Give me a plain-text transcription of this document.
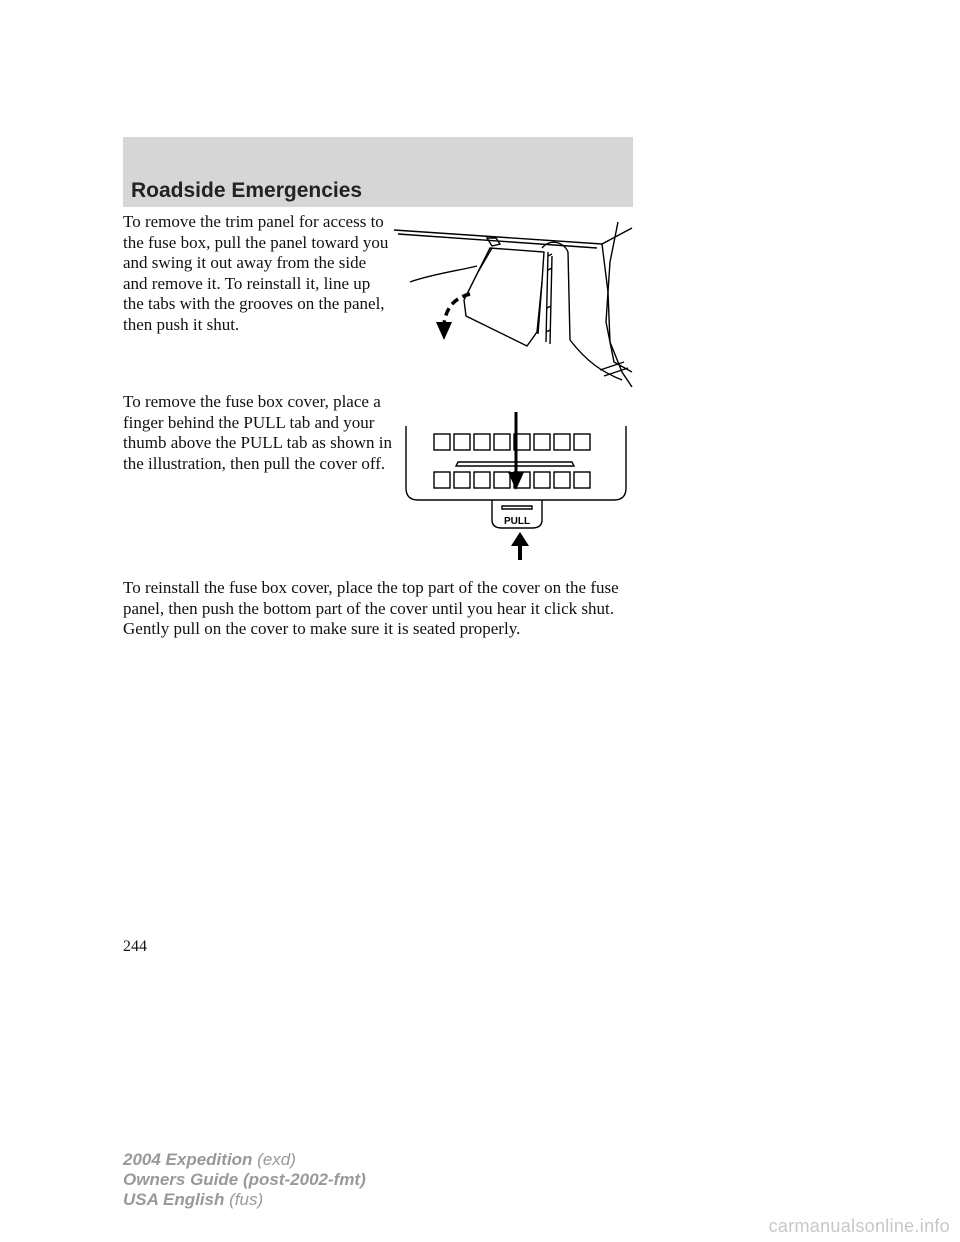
Roadside Emergencies

To remove the trim panel for access to the fuse box, pull the panel toward you and swing it out away from the side and remove it. To reinstall it, line up the tabs with the grooves on the panel, then push it shut.

To remove the fuse box cover, place a finger behind the PULL tab and your thumb above the PULL tab as shown in the illustration, then pull the cover off.

PULL

To reinstall the fuse box cover, place the top part of the cover on the fuse panel, then push the bottom part of the cover until you hear it click shut. Gently pull on the cover to make sure it is seated properly.

244
2004 Expedition (exd)
Owners Guide (post-2002-fmt)
USA English (fus)
carmanualsonline.info
